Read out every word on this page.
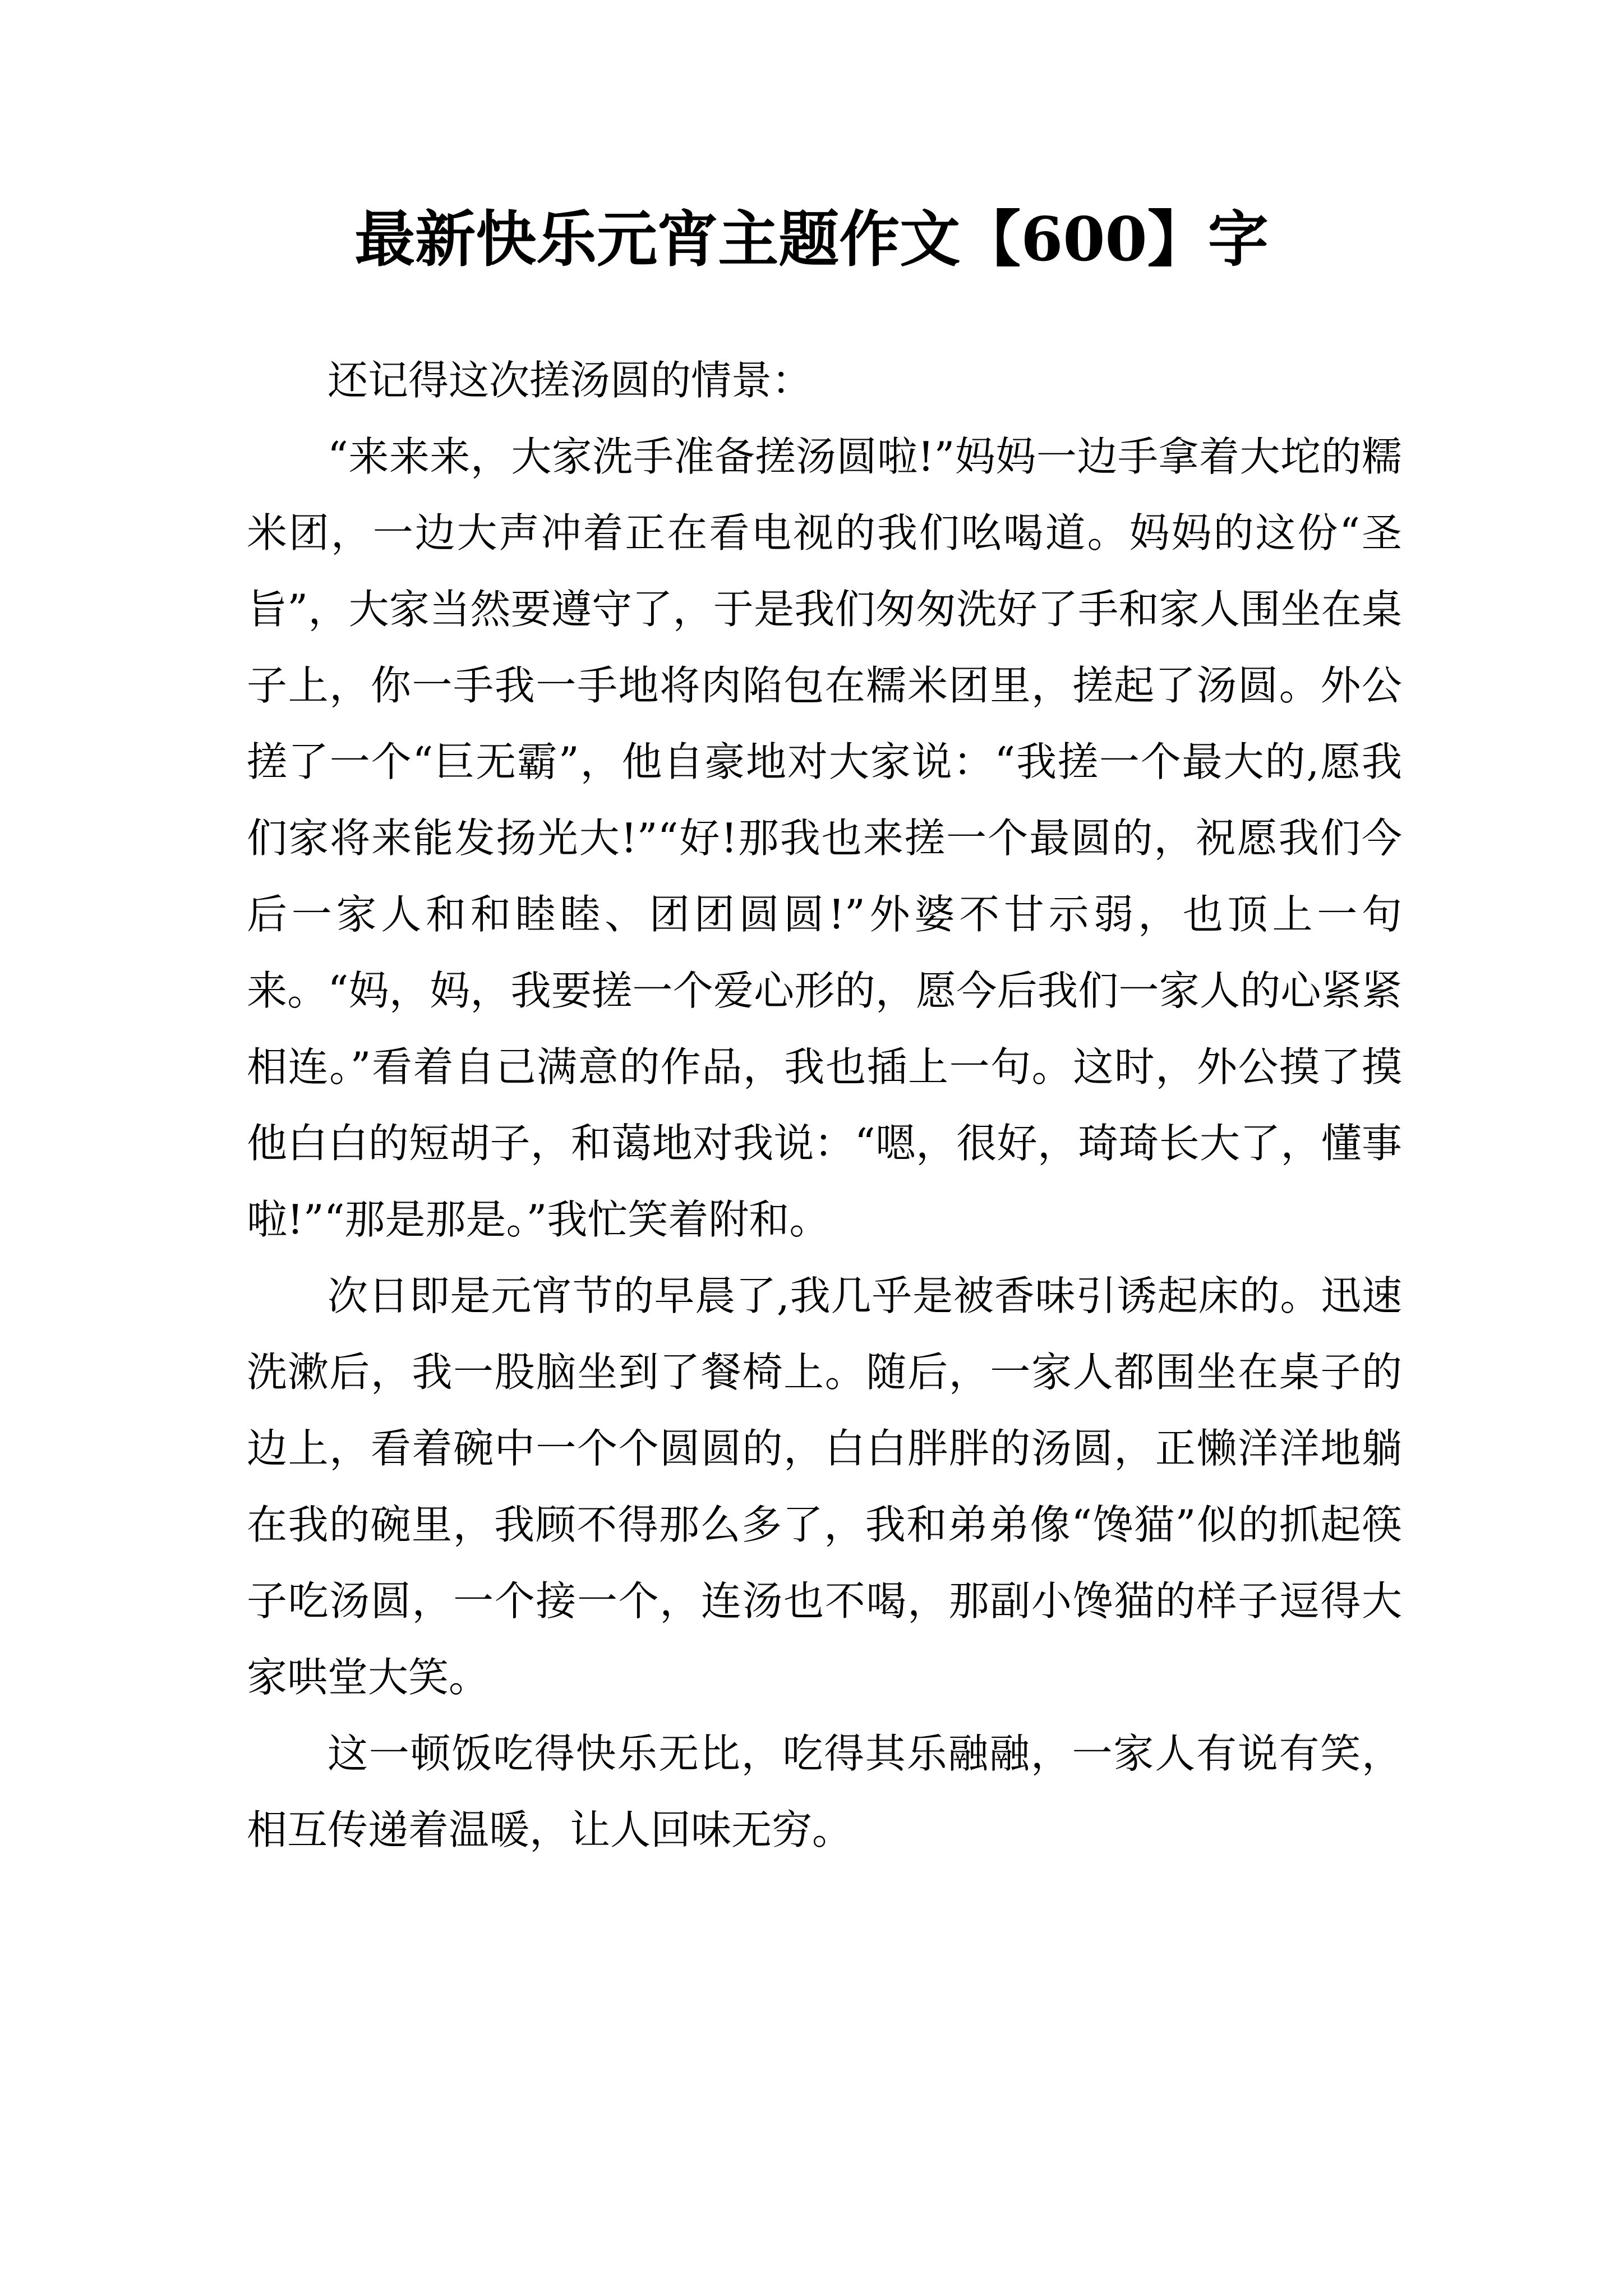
最新快乐元宵主题作文【600】字

还记得这次搓汤圆的情景：

“来来来，大家洗手准备搓汤圆啦!”妈妈一边手拿着大坨的糯米团，一边大声冲着正在看电视的我们吆喝道。妈妈的这份“圣旨”，大家当然要遵守了，于是我们匆匆洗好了手和家人围坐在桌子上，你一手我一手地将肉陷包在糯米团里，搓起了汤圆。外公搓了一个“巨无霸”，他自豪地对大家说：“我搓一个最大的,愿我们家将来能发扬光大!”“好!那我也来搓一个最圆的，祝愿我们今后一家人和和睦睦、团团圆圆!”外婆不甘示弱，也顶上一句来。“妈，妈，我要搓一个爱心形的，愿今后我们一家人的心紧紧相连。”看着自己满意的作品，我也插上一句。这时，外公摸了摸他白白的短胡子，和蔼地对我说：“嗯，很好，琦琦长大了，懂事啦!”“那是那是。”我忙笑着附和。

次日即是元宵节的早晨了,我几乎是被香味引诱起床的。迅速洗漱后，我一股脑坐到了餐椅上。随后，一家人都围坐在桌子的边上，看着碗中一个个圆圆的，白白胖胖的汤圆，正懒洋洋地躺在我的碗里，我顾不得那么多了，我和弟弟像“馋猫”似的抓起筷子吃汤圆，一个接一个，连汤也不喝，那副小馋猫的样子逗得大家哄堂大笑。

这一顿饭吃得快乐无比，吃得其乐融融，一家人有说有笑，相互传递着温暖，让人回味无穷。
